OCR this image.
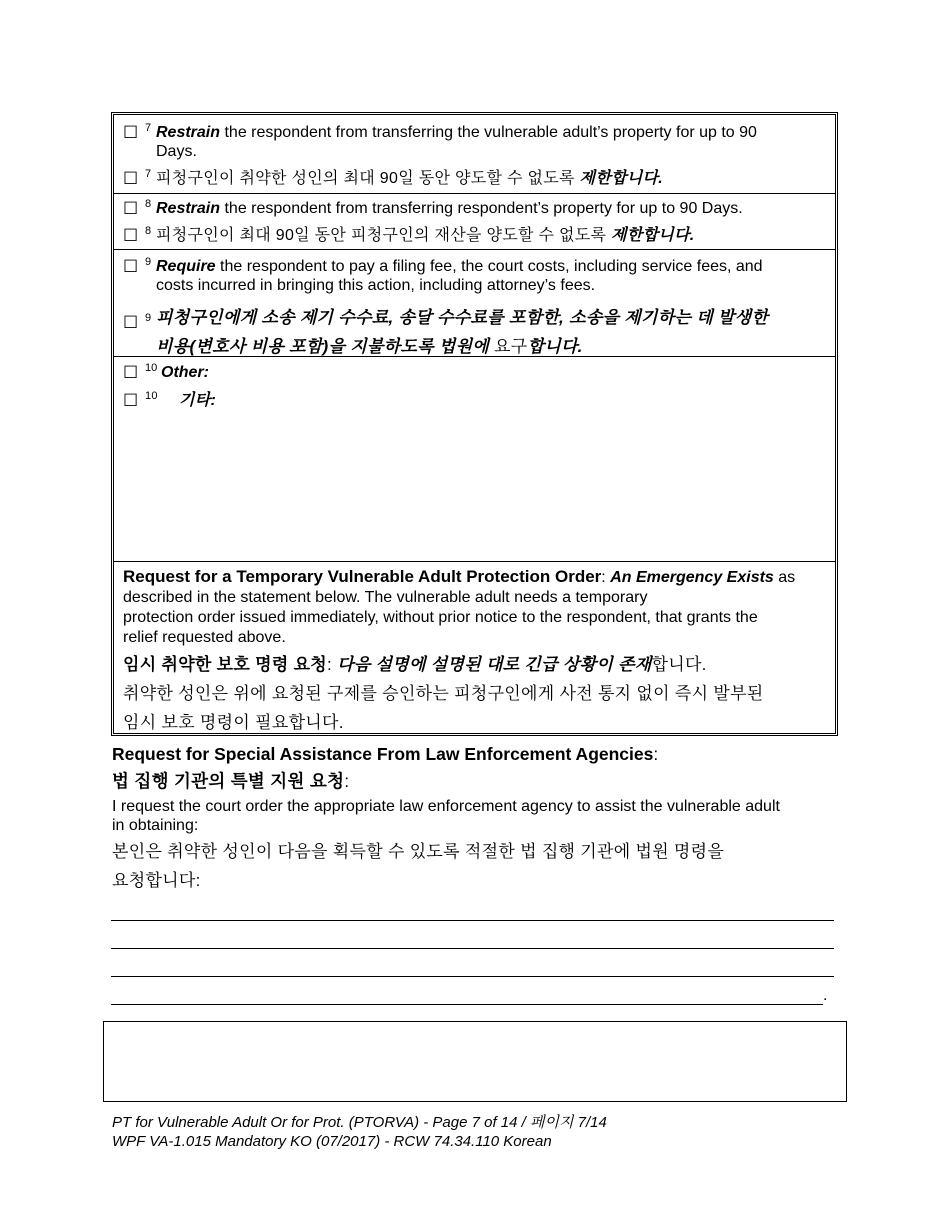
☐ 7 Restrain the respondent from transferring the vulnerable adult’s property for up to 90
Days.
☐ 7 피청구인이 취약한 성인의 최대 90일 동안 양도할 수 없도록 제한합니다.
☐ 8 Restrain the respondent from transferring respondent’s property for up to 90 Days.
☐ 8 피청구인이 최대 90일 동안 피청구인의 재산을 양도할 수 없도록 제한합니다.
☐ 9 Require the respondent to pay a filing fee, the court costs, including service fees, and
costs incurred in bringing this action, including attorney’s fees.
☐ 9 피청구인에게 소송 제기 수수료, 송달 수수료를 포함한, 소송을 제기하는 데 발생한
비용(변호사 비용 포함)을 지불하도록 법원에 요구합니다.
☐ 10 Other:
☐ 10 기타:
Request for a Temporary Vulnerable Adult Protection Order: An Emergency Exists as described in the statement below. The vulnerable adult needs a temporary
protection order issued immediately, without prior notice to the respondent, that grants the
relief requested above.
임시 취약한 보호 명령 요청: 다음 설명에 설명된 대로 긴급 상황이 존재합니다.
취약한 성인은 위에 요청된 구제를 승인하는 피청구인에게 사전 통지 없이 즉시 발부된
임시 보호 명령이 필요합니다.
Request for Special Assistance From Law Enforcement Agencies:
법 집행 기관의 특별 지원 요청:
I request the court order the appropriate law enforcement agency to assist the vulnerable adult
in obtaining:
본인은 취약한 성인이 다음을 획득할 수 있도록 적절한 법 집행 기관에 법원 명령을
요청합니다:
.
PT for Vulnerable Adult Or for Prot. (PTORVA) - Page 7 of 14 / 페이지 7/14
WPF VA-1.015 Mandatory KO (07/2017) - RCW 74.34.110 Korean
